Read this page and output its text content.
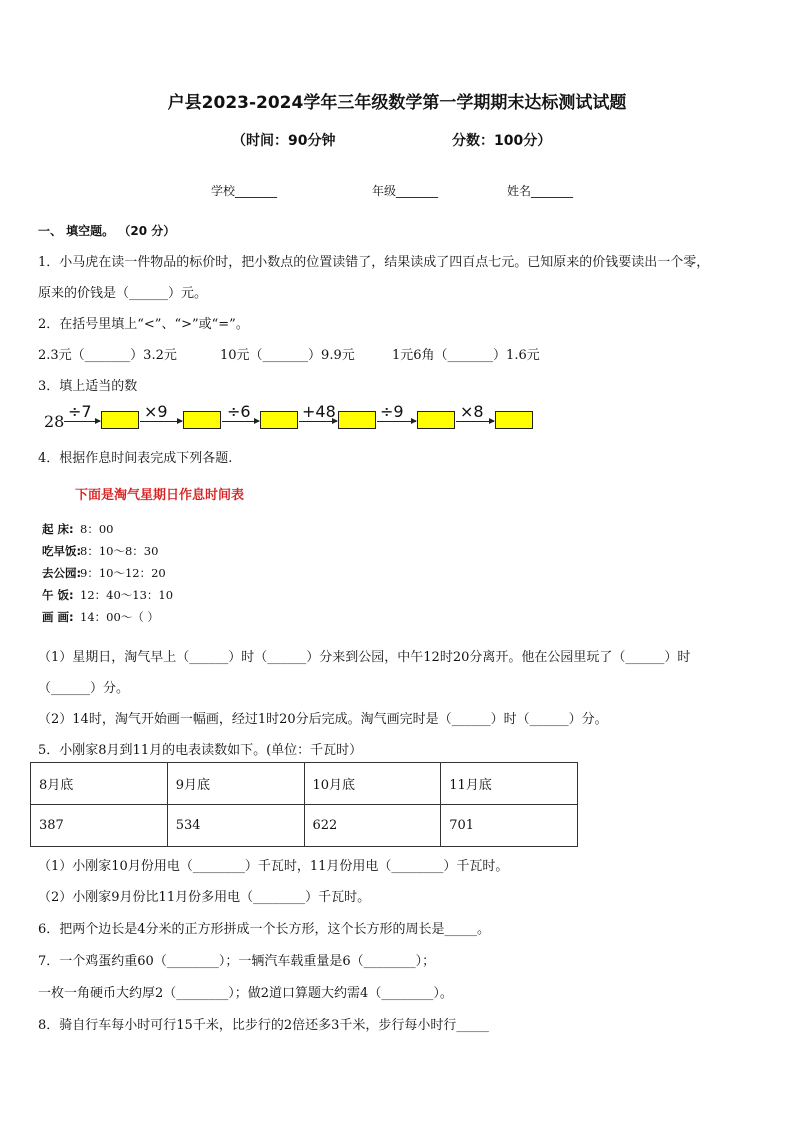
户县2023-2024学年三年级数学第一学期期末达标测试试题
（时间：90分钟	分数：100分）
学校_______	年级_______	姓名_______
一、 填空题。 （20 分）
1．小马虎在读一件物品的标价时，把小数点的位置读错了，结果读成了四百点七元。已知原来的价钱要读出一个零，
原来的价钱是（______）元。
2．在括号里填上“<”、“>”或“=”。
2.3元（_______）3.2元	10元（_______）9.9元	1元6角（_______）1.6元
3．填上适当的数
28
÷7	×9	÷6	+48	÷9	×8
4．根据作息时间表完成下列各题.
下面是淘气星期日作息时间表
起 床: 8：00
吃早饭:8：10～8：30
去公园:9：10～12：20
午 饭: 12：40～13：10
画 画: 14：00～（ ）
（1）星期日，淘气早上（______）时（______）分来到公园，中午12时20分离开。他在公园里玩了（______）时
（______）分。
（2）14时，淘气开始画一幅画，经过1时20分后完成。淘气画完时是（______）时（______）分。
5．小刚家8月到11月的电表读数如下。(单位：千瓦时）
8月底	9月底	10月底	11月底
387	534	622	701
（1）小刚家10月份用电（________）千瓦时，11月份用电（________）千瓦时。
（2）小刚家9月份比11月份多用电（________）千瓦时。
6．把两个边长是4分米的正方形拼成一个长方形，这个长方形的周长是_____。
7．一个鸡蛋约重60（________）；一辆汽车载重量是6（________）；
一枚一角硬币大约厚2（________）；做2道口算题大约需4（________）。
8．骑自行车每小时可行15千米，比步行的2倍还多3千米，步行每小时行_____
